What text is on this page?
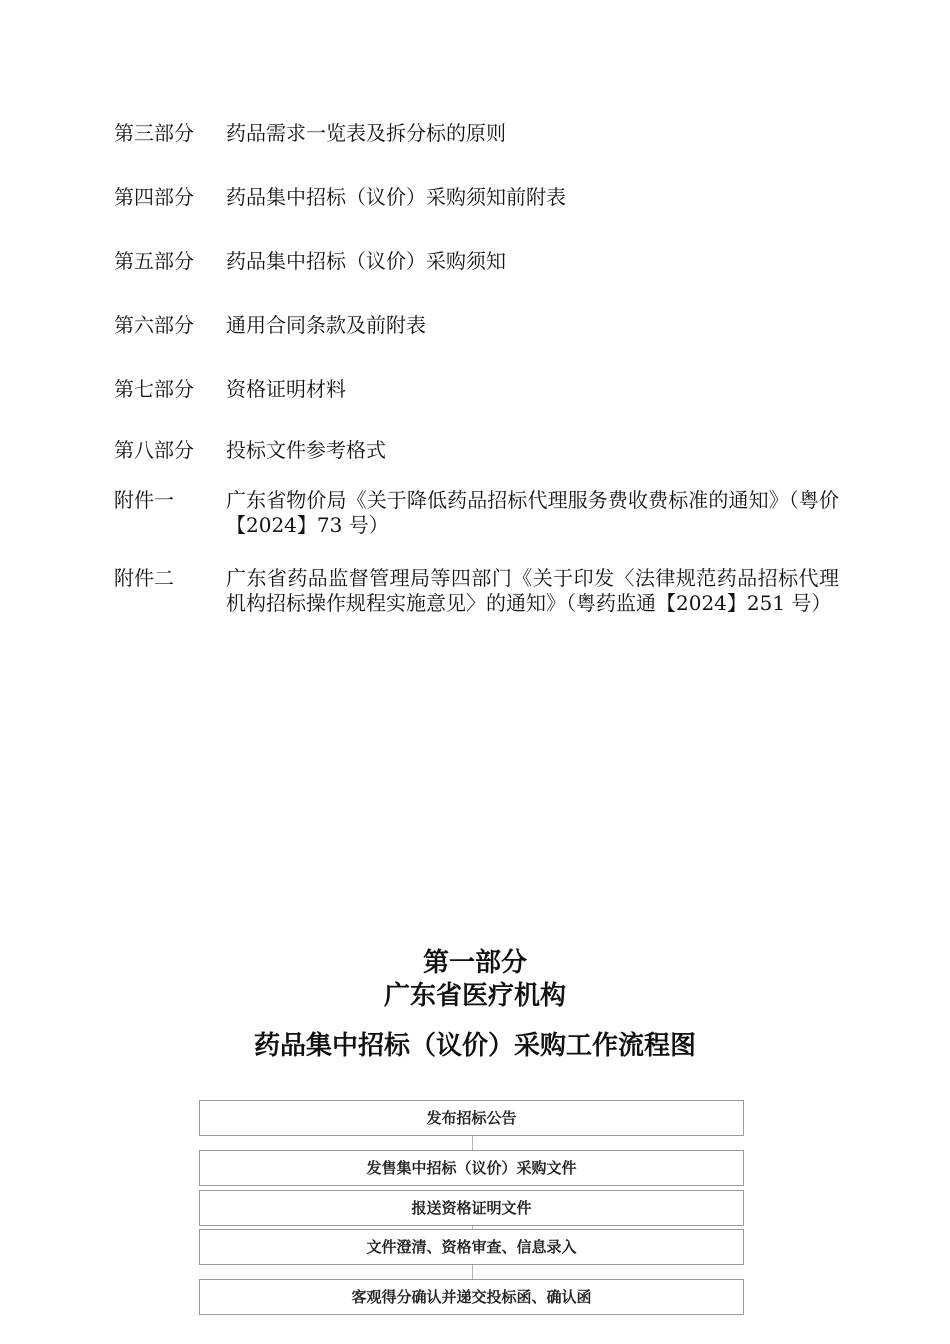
第三部分 药品需求一览表及拆分标的原则
第四部分 药品集中招标（议价）采购须知前附表
第五部分 药品集中招标（议价）采购须知
第六部分 通用合同条款及前附表
第七部分 资格证明材料
第八部分 投标文件参考格式
附件一	广东省物价局《关于降低药品招标代理服务费收费标准的通知》（粤价【2024】73 号）
附件二	广东省药品监督管理局等四部门《关于印发〈法律规范药品招标代理机构招标操作规程实施意见〉的通知》（粤药监通【2024】251 号）
第一部分
广东省医疗机构
药品集中招标（议价）采购工作流程图
发布招标公告
发售集中招标（议价）采购文件
报送资格证明文件
文件澄清、资格审查、信息录入
客观得分确认并递交投标函、确认函
